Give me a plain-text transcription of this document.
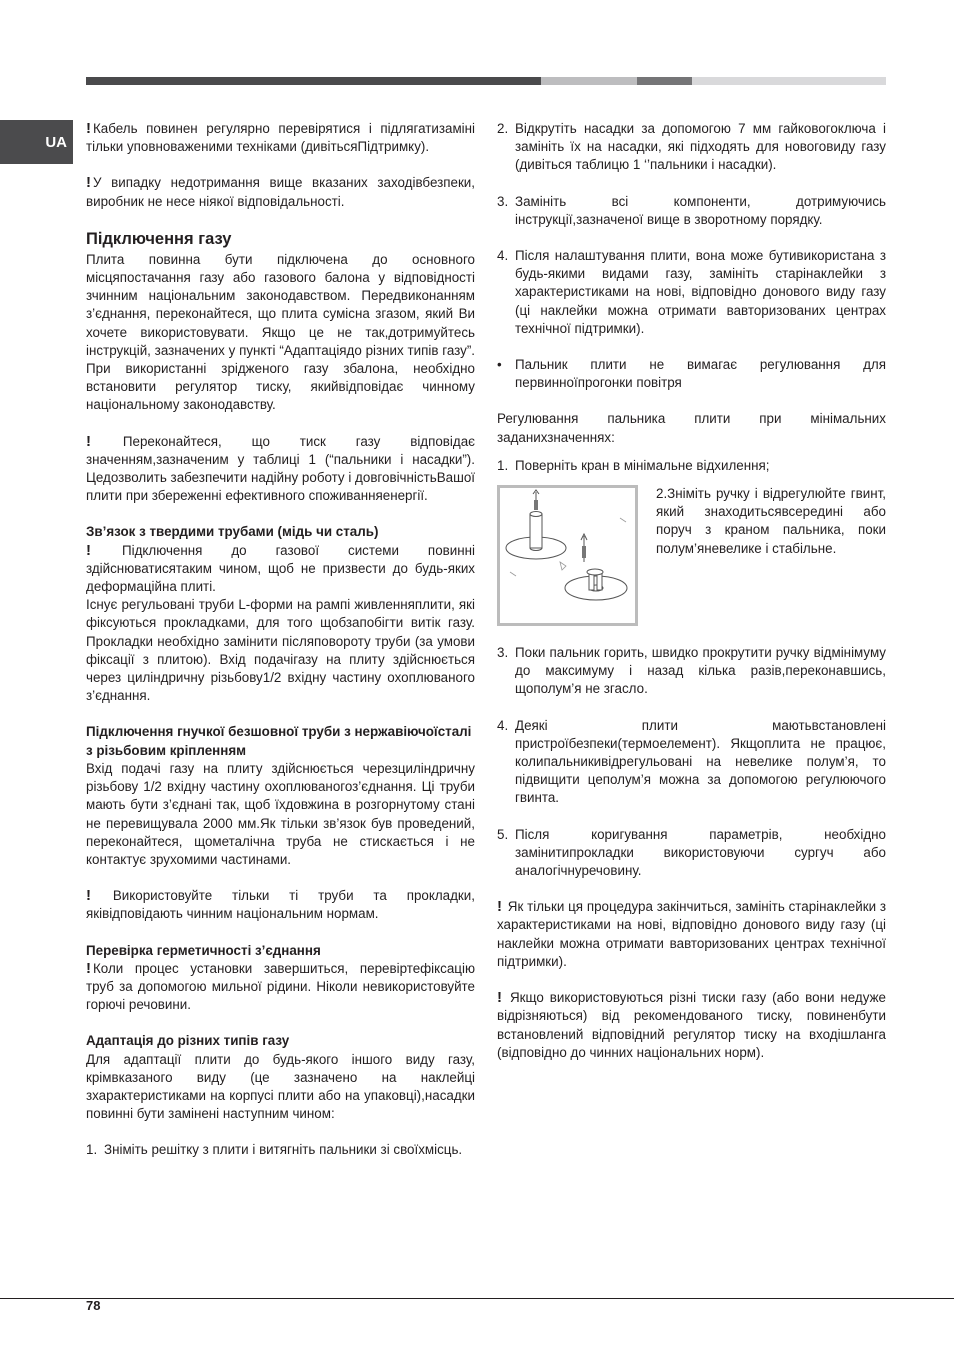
UA

! Кабель повинен регулярно перевірятися і підлягатизаміні тільки уповноваженими техніками (дивітьсяПідтримку).

! У випадку недотримання вище вказаних заходівбезпеки, виробник не несе ніякої відповідальності.

Підключення газу

Плита повинна бути підключена до основного місцяпостачання газу або газового балона у відповідності зчинним національним законодавством. Передвиконанням з’єднання, переконайтеся, що плита сумісна згазом, який Ви хочете використовувати. Якщо це не так,дотримуйтесь інструкцій, зазначених у пункті “Адаптаціядо різних типів газу”. При використанні зрідженого газу збалона, необхідно встановити регулятор тиску, якийвідповідає чинному національному законодавству.

! Переконайтеся, що тиск газу відповідає значенням,зазначеним у таблиці 1 (“пальники і насадки”). Цедозволить забезпечити надійну роботу і довговічністьВашої плити при збереженні ефективного споживанняенергії.

Зв’язок з твердими трубами (мідь чи сталь)

! Підключення до газової системи повинні здійснюватисятаким чином, щоб не призвести до будь-яких деформаційна плиті.

Існує регульовані труби L-форми на рампі живленняплити, які фіксуються прокладками, для того щобзапобігти витік газу. Прокладки необхідно замінити післяповороту труби (за умови фіксації з плитою). Вхід подачігазу на плиту здійснюється через циліндричну різьбову1/2 вхідну частину охоплюваного з’єднання.

Підключення гнучкої безшовної труби з нержавіючоїсталі з різьбовим кріпленням

Вхід подачі газу на плиту здійснюється черезциліндричну різьбову 1/2 вхідну частину охоплюваногоз’єднання. Ці труби мають бути з’єднані так, щоб їхдовжина в розгорнутому стані не перевищувала 2000 мм.Як тільки зв’язок був проведений, переконайтеся, щометалічна труба не стискається і не контактує зрухомими частинами.

! Використовуйте тільки ті труби та прокладки, яківідповідають чинним національним нормам.

Перевірка герметичності з’єднання

! Коли процес установки завершиться, перевіртефіксацію труб за допомогою мильної рідини. Ніколи невикористовуйте горючі речовини.

Адаптація до різних типів газу

Для адаптації плити до будь-якого іншого виду газу, крімвказаного виду (це зазначено на наклейці зхарактеристиками на корпусі плити або на упаковці),насадки повинні бути замінені наступним чином:

1. Зніміть решітку з плити і витягніть пальники зі своїхмісць.
2. Відкрутіть насадки за допомогою 7 мм гайковогоключа і замініть їх на насадки, які підходять для новоговиду газу (дивіться таблицю 1 ‘’пальники і насадки).
3. Замініть всі компоненти, дотримуючись інструкції,зазначеної вище в зворотному порядку.
4. Після налаштування плити, вона може бутивикористана з будь-якими видами газу, замініть старінаклейки з характеристиками на нові, відповідно донового виду газу (ці наклейки можна отримати вавторизованих центрах технічної підтримки).
• Пальник плити не вимагає регулювання для первинноїпрогонки повітря

Регулювання пальника плити при мінімальних заданихзначеннях:

1. Поверніть кран в мінімальне відхилення;

2.Зніміть ручку і відрегулюйте гвинт, який знаходитьсявсередині або поруч з краном пальника, поки полум’яневелике і стабільне.

3. Поки пальник горить, швидко прокрутити ручку відмінімуму до максимуму і назад кілька разів,переконавшись, щополум’я не згасло.
4. Деякі плити маютьвстановлені пристроїбезпеки(термоелемент). Якщоплита не працює, колипальникивідрегульовані на невелике полум’я, то підвищити цеполум’я можна за допомогою регулюючого гвинта.
5. Після коригування параметрів, необхідно замінитипрокладки використовуючи сургуч або аналогічнуречовину.

! Як тільки ця процедура закінчиться, замініть старінаклейки з характеристиками на нові, відповідно донового виду газу (ці наклейки можна отримати вавторизованих центрах технічної підтримки).

! Якщо використовуються різні тиски газу (або вони недуже відрізняються) від рекомендованого тиску, повиненбути встановлений відповідний регулятор тиску на входішланга (відповідно до чинних національних норм).

78
